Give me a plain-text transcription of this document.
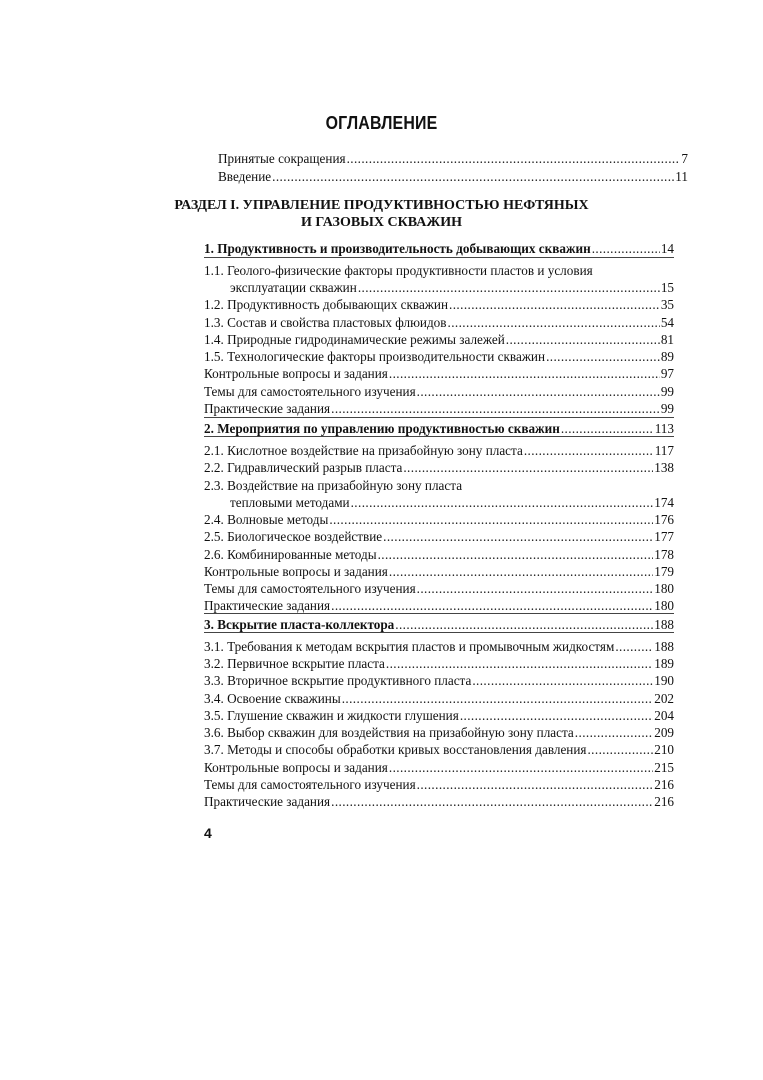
ОГЛАВЛЕНИЕ
Принятые сокращения .....	7
Введение .....	11
РАЗДЕЛ I. УПРАВЛЕНИЕ ПРОДУКТИВНОСТЬЮ НЕФТЯНЫХ
И ГАЗОВЫХ СКВАЖИН
1. Продуктивность и производительность добывающих скважин .....	14
1.1. Геолого-физические факторы продуктивности пластов и условия
эксплуатации скважин .....	15
1.2. Продуктивность добывающих скважин .....	35
1.3. Состав и свойства пластовых флюидов .....	54
1.4. Природные гидродинамические режимы залежей .....	81
1.5. Технологические факторы производительности скважин .....	89
Контрольные вопросы и задания .....	97
Темы для самостоятельного изучения .....	99
Практические задания .....	99
2. Мероприятия по управлению продуктивностью скважин .....	113
2.1. Кислотное воздействие на призабойную зону пласта .....	117
2.2. Гидравлический разрыв пласта .....	138
2.3. Воздействие на призабойную зону пласта
тепловыми методами .....	174
2.4. Волновые методы .....	176
2.5. Биологическое воздействие .....	177
2.6. Комбинированные методы .....	178
Контрольные вопросы и задания .....	179
Темы для самостоятельного изучения .....	180
Практические задания .....	180
3. Вскрытие пласта-коллектора .....	188
3.1. Требования к методам вскрытия пластов и промывочным жидкостям .....	188
3.2. Первичное вскрытие пласта .....	189
3.3. Вторичное вскрытие продуктивного пласта .....	190
3.4. Освоение скважины .....	202
3.5. Глушение скважин и жидкости глушения .....	204
3.6. Выбор скважин для воздействия на призабойную зону пласта .....	209
3.7. Методы и способы обработки кривых восстановления давления .....	210
Контрольные вопросы и задания .....	215
Темы для самостоятельного изучения .....	216
Практические задания .....	216
4
